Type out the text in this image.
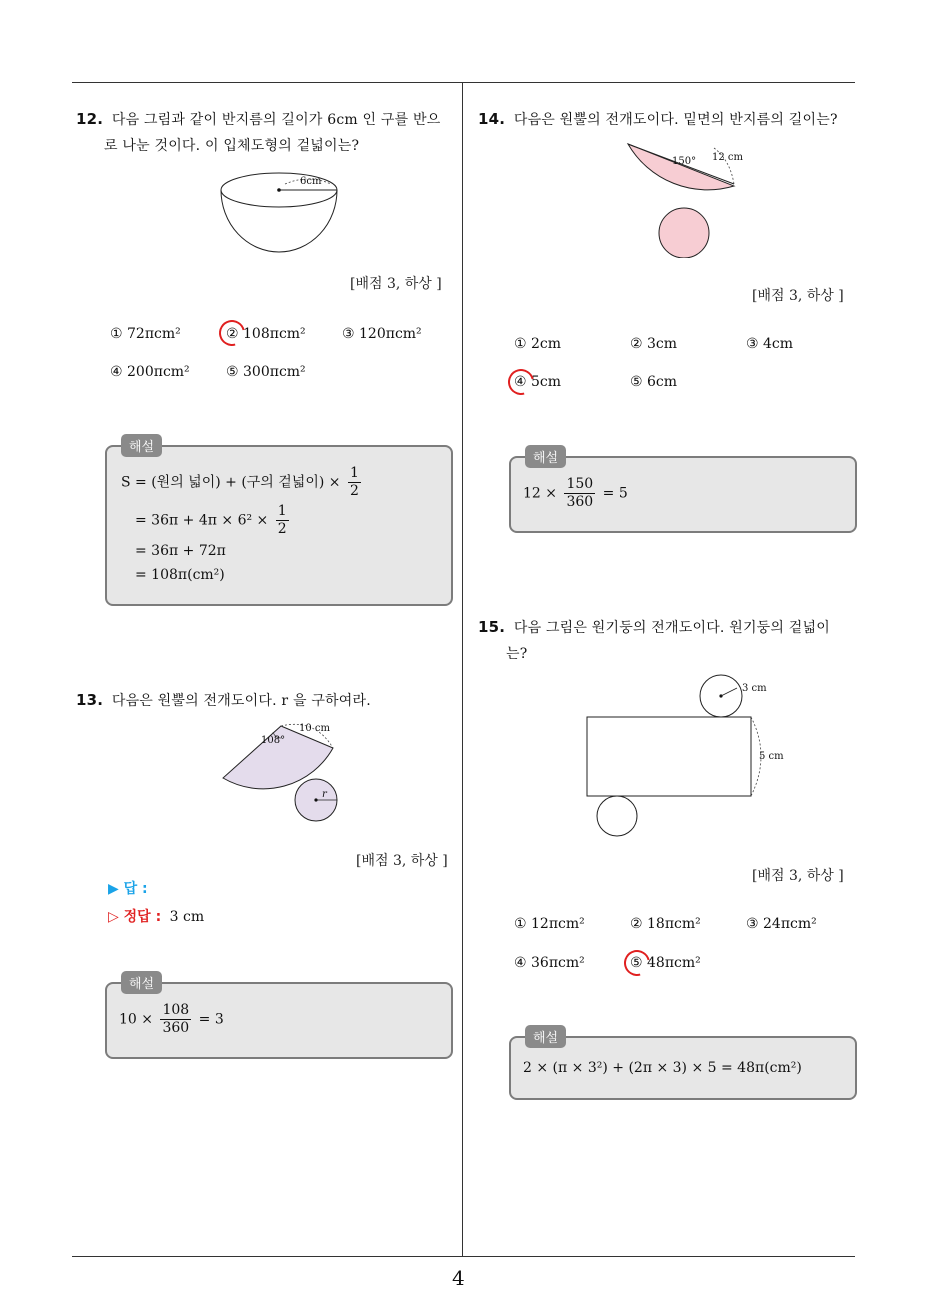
4
12. 다음 그림과 같이 반지름의 길이가 6cm 인 구를 반으
로 나눈 것이다. 이 입체도형의 겉넓이는?
6cm
[배점 3, 하상 ]
① 72πcm²	② 108πcm²	③ 120πcm²
④ 200πcm²	⑤ 300πcm²
해설
S = (원의 넓이) + (구의 겉넓이) × $\frac{1}{2}$
= $36\pi + 4\pi \times 6^2 \times \frac{1}{2}$
= 36π + 72π
= 108π(cm²)
13. 다음은 원뿔의 전개도이다. r 을 구하여라.
10 cm
108°
r
[배점 3, 하상 ]
▶ 답 :
▷ 정답 : 3 cm
해설
$10 \times \frac{108}{360} = 3$
14. 다음은 원뿔의 전개도이다. 밑면의 반지름의 길이는?
150° 12 cm
[배점 3, 하상 ]
① 2cm	② 3cm	③ 4cm
④ 5cm	⑤ 6cm
해설
$12 \times \frac{150}{360} = 5$
15. 다음 그림은 원기둥의 전개도이다. 원기둥의 겉넓이
는?
3 cm
5 cm
[배점 3, 하상 ]
① 12πcm²	② 18πcm²	③ 24πcm²
④ 36πcm²	⑤ 48πcm²
해설
2 × (π × 3²) + (2π × 3) × 5 = 48π(cm²)
